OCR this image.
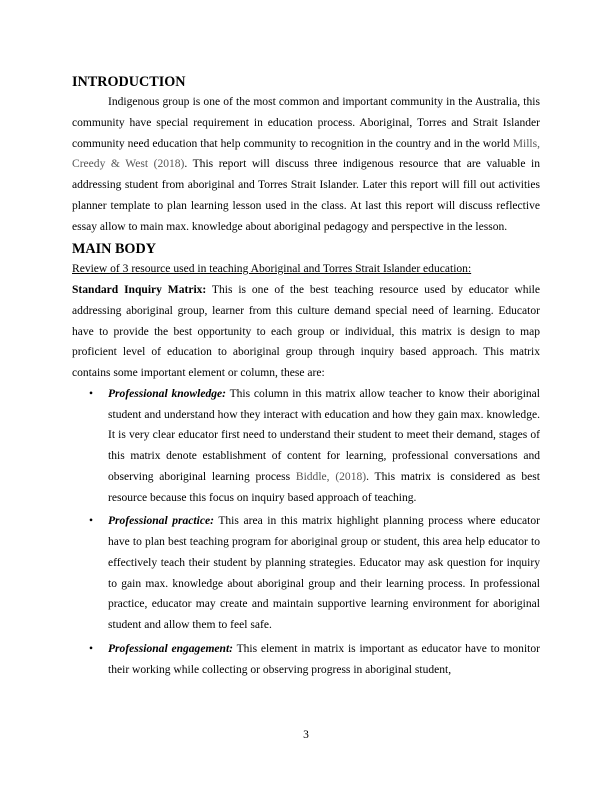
INTRODUCTION

Indigenous group is one of the most common and important community in the Australia, this community have special requirement in education process. Aboriginal, Torres and Strait Islander community need education that help community to recognition in the country and in the world Mills, Creedy & West (2018). This report will discuss three indigenous resource that are valuable in addressing student from aboriginal and Torres Strait Islander. Later this report will fill out activities planner template to plan learning lesson used in the class. At last this report will discuss reflective essay allow to main max. knowledge about aboriginal pedagogy and perspective in the lesson.

MAIN BODY

Review of 3 resource used in teaching Aboriginal and Torres Strait Islander education:

Standard Inquiry Matrix: This is one of the best teaching resource used by educator while addressing aboriginal group, learner from this culture demand special need of learning. Educator have to provide the best opportunity to each group or individual, this matrix is design to map proficient level of education to aboriginal group through inquiry based approach. This matrix contains some important element or column, these are:

• Professional knowledge: This column in this matrix allow teacher to know their aboriginal student and understand how they interact with education and how they gain max. knowledge. It is very clear educator first need to understand their student to meet their demand, stages of this matrix denote establishment of content for learning, professional conversations and observing aboriginal learning process Biddle, (2018). This matrix is considered as best resource because this focus on inquiry based approach of teaching.

• Professional practice: This area in this matrix highlight planning process where educator have to plan best teaching program for aboriginal group or student, this area help educator to effectively teach their student by planning strategies. Educator may ask question for inquiry to gain max. knowledge about aboriginal group and their learning process. In professional practice, educator may create and maintain supportive learning environment for aboriginal student and allow them to feel safe.

• Professional engagement: This element in matrix is important as educator have to monitor their working while collecting or observing progress in aboriginal student,

3
